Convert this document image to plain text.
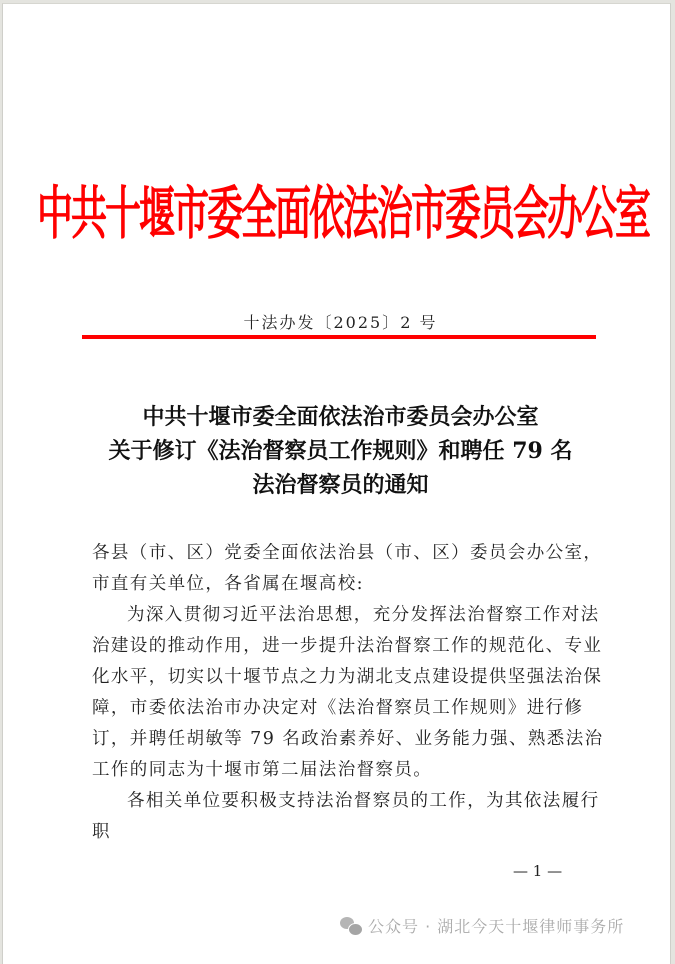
中共十堰市委全面依法治市委员会办公室
十法办发〔2025〕2 号
中共十堰市委全面依法治市委员会办公室
关于修订《法治督察员工作规则》和聘任 79 名
法治督察员的通知

各县（市、区）党委全面依法治县（市、区）委员会办公室，市直有关单位，各省属在堰高校:

为深入贯彻习近平法治思想，充分发挥法治督察工作对法治建设的推动作用，进一步提升法治督察工作的规范化、专业化水平，切实以十堰节点之力为湖北支点建设提供坚强法治保障，市委依法治市办决定对《法治督察员工作规则》进行修订，并聘任胡敏等 79 名政治素养好、业务能力强、熟悉法治工作的同志为十堰市第二届法治督察员。

各相关单位要积极支持法治督察员的工作，为其依法履行职

— 1 —
公众号 · 湖北今天十堰律师事务所
